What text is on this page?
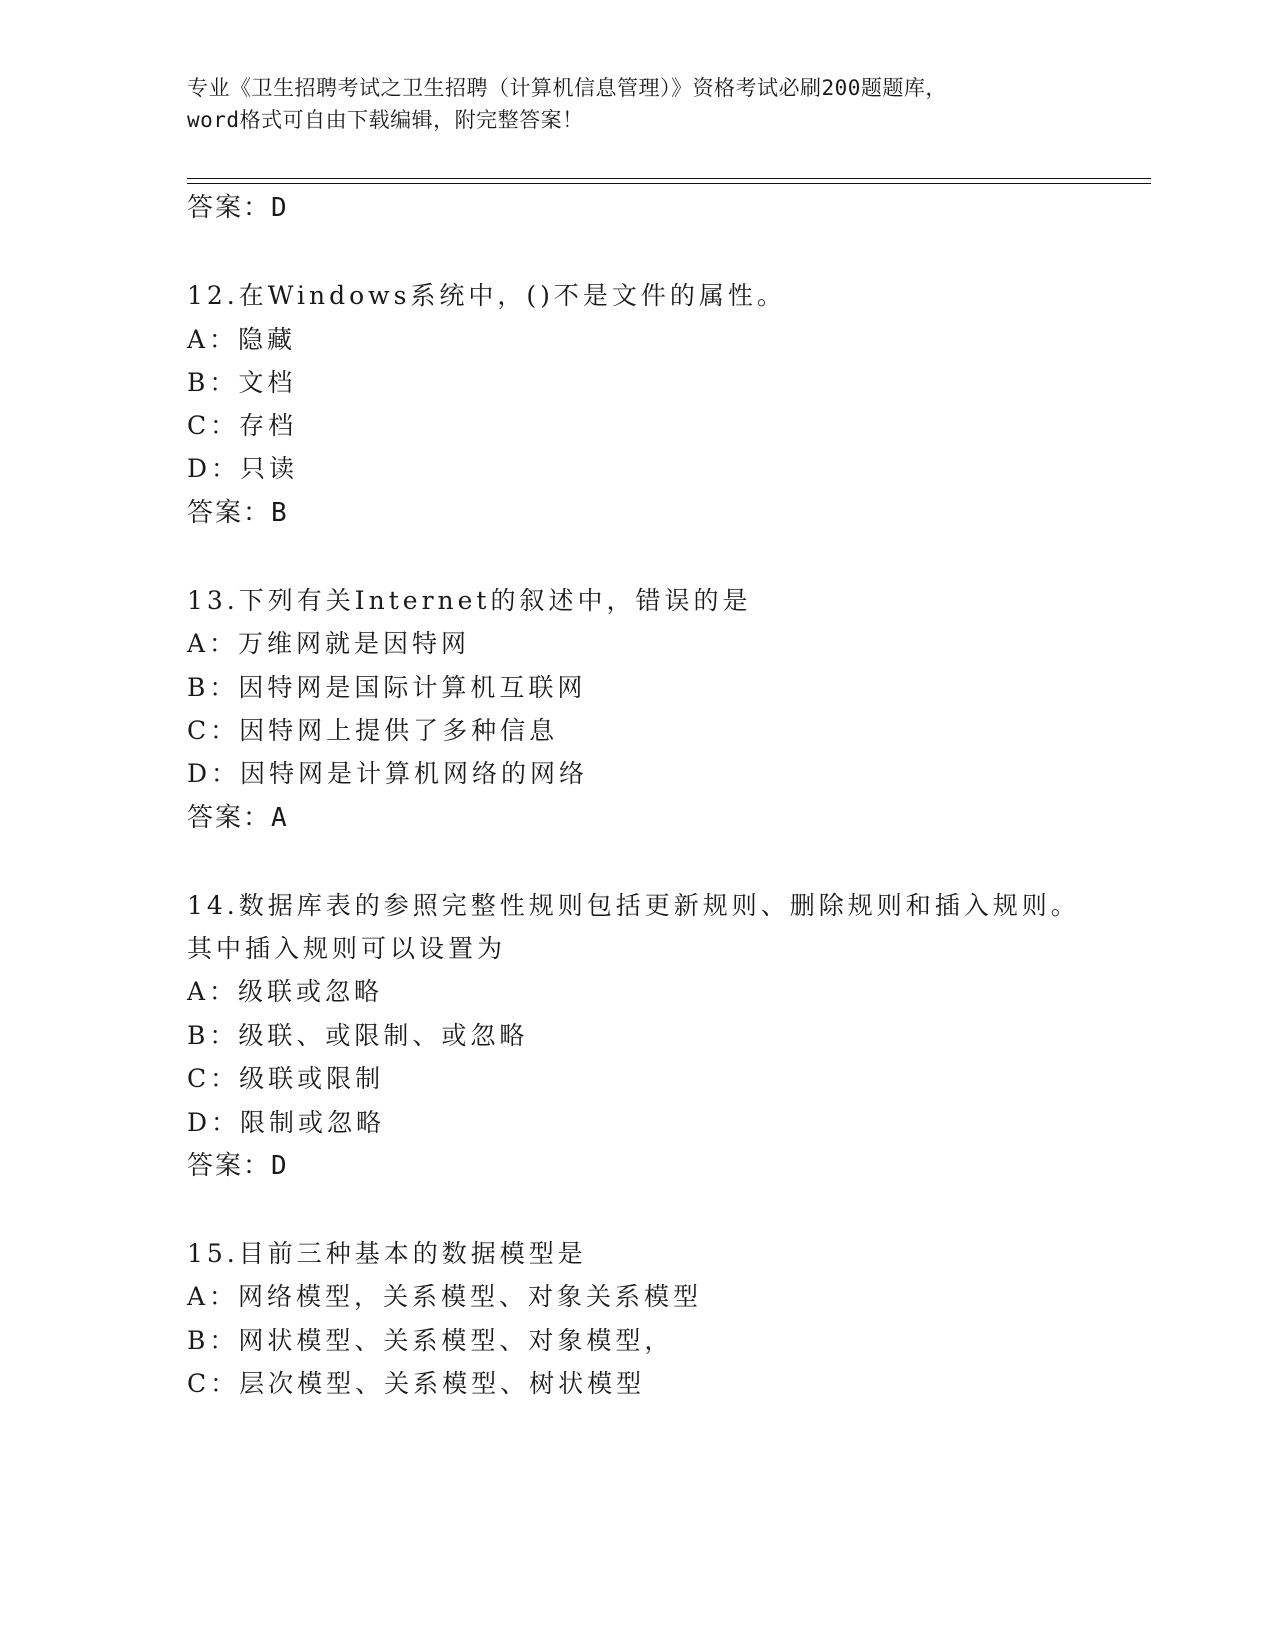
专业《卫生招聘考试之卫生招聘（计算机信息管理）》资格考试必刷200题题库，
word格式可自由下载编辑，附完整答案！
答案：D
12.在Windows系统中，()不是文件的属性。
A：隐藏
B：文档
C：存档
D：只读
答案：B
13.下列有关Internet的叙述中，错误的是
A：万维网就是因特网
B：因特网是国际计算机互联网
C：因特网上提供了多种信息
D：因特网是计算机网络的网络
答案：A
14.数据库表的参照完整性规则包括更新规则、删除规则和插入规则。
其中插入规则可以设置为
A：级联或忽略
B：级联、或限制、或忽略
C：级联或限制
D：限制或忽略
答案：D
15.目前三种基本的数据模型是
A：网络模型，关系模型、对象关系模型
B：网状模型、关系模型、对象模型，
C：层次模型、关系模型、树状模型
